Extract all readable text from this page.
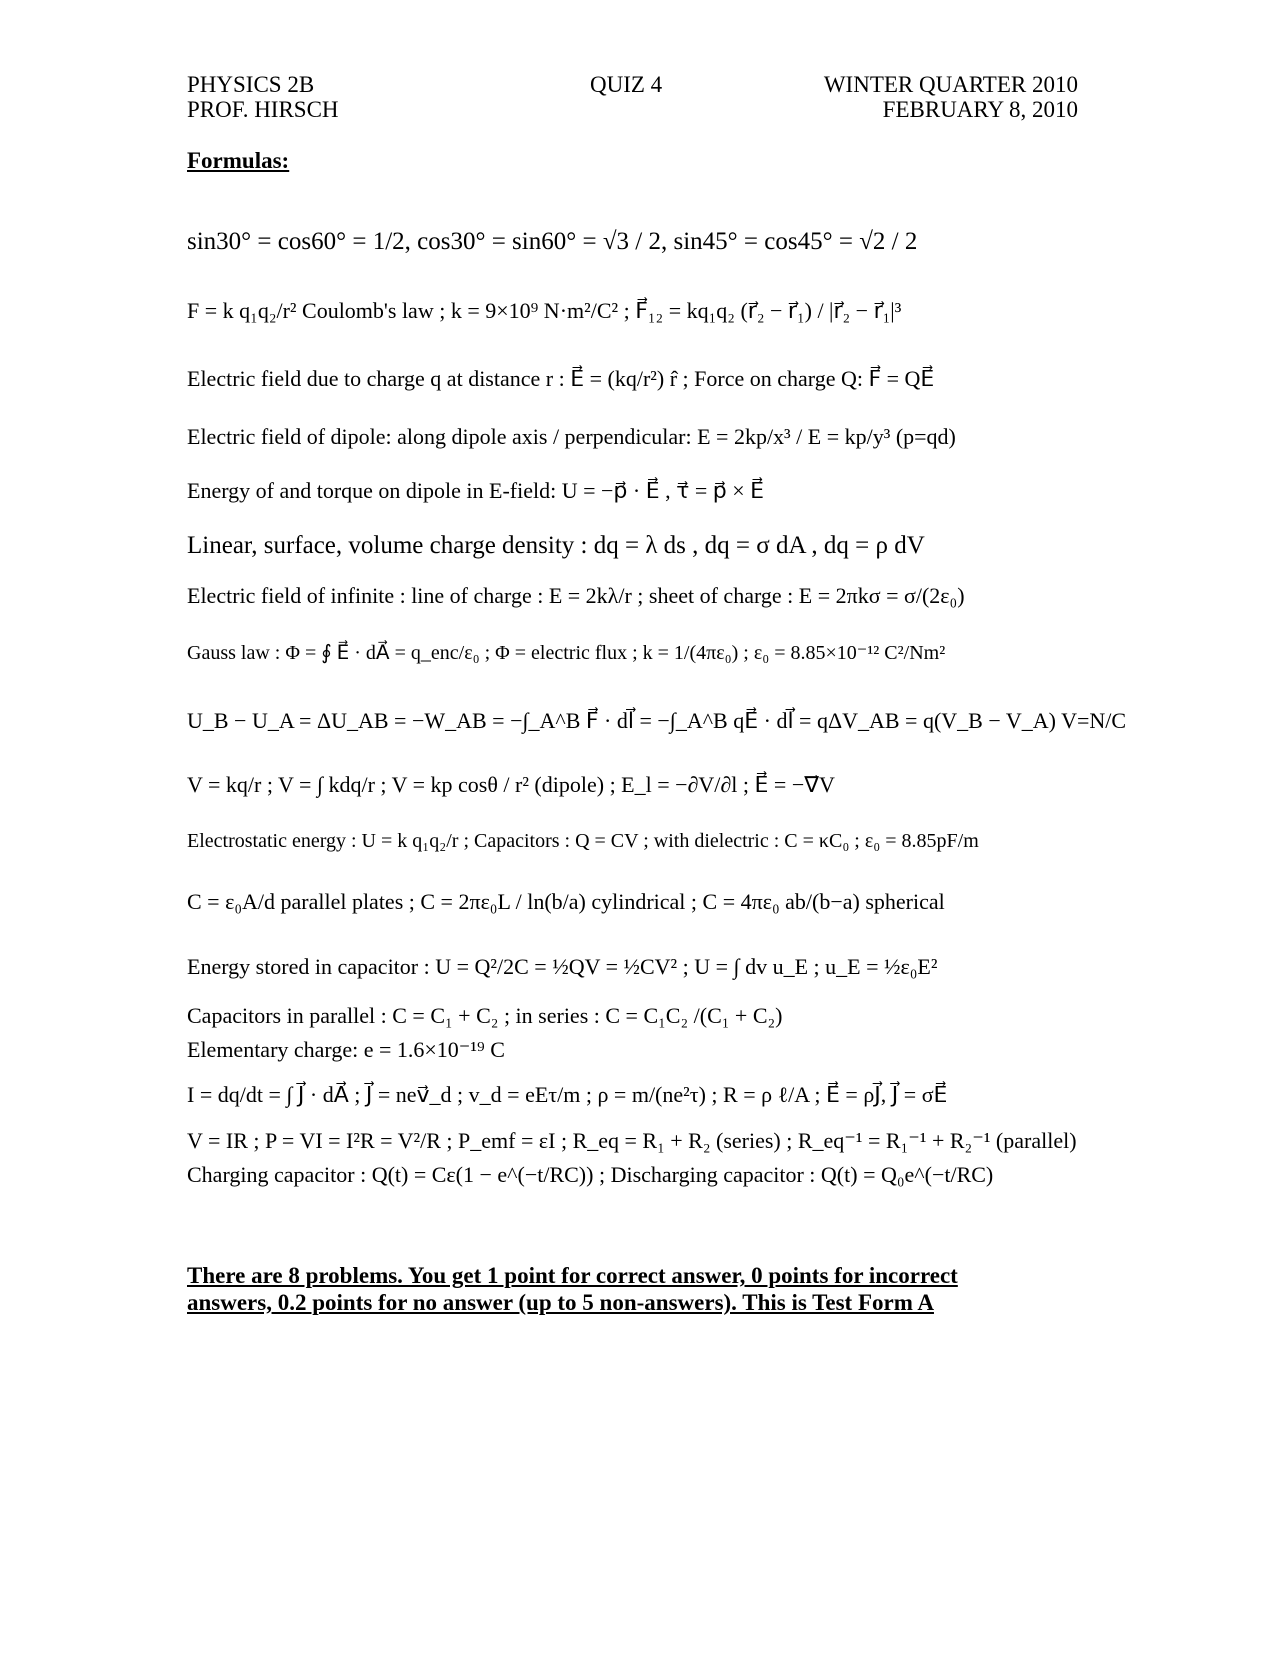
PHYSICS 2B
PROF. HIRSCH
QUIZ 4	WINTER QUARTER 2010
FEBRUARY 8, 2010
Formulas:
sin30° = cos60° = 1/2, cos30° = sin60° = √3 / 2, sin45° = cos45° = √2 / 2
F = k q₁q₂/r² Coulomb's law ; k = 9×10⁹ N·m²/C² ; F⃗₁₂ = kq₁q₂ (r⃗₂ − r⃗₁) / |r⃗₂ − r⃗₁|³
Electric field due to charge q at distance r : E⃗ = (kq/r²) r̂ ; Force on charge Q: F⃗ = QE⃗
Electric field of dipole: along dipole axis / perpendicular: E = 2kp/x³ / E = kp/y³ (p=qd)
Energy of and torque on dipole in E-field: U = −p⃗ · E⃗ , τ⃗ = p⃗ × E⃗
Linear, surface, volume charge density : dq = λ ds , dq = σ dA , dq = ρ dV
Electric field of infinite : line of charge : E = 2kλ/r ; sheet of charge : E = 2πkσ = σ/(2ε₀)
Gauss law : Φ = ∮ E⃗ · dA⃗ = q_enc/ε₀ ; Φ = electric flux ; k = 1/(4πε₀) ; ε₀ = 8.85×10⁻¹² C²/Nm²
U_B − U_A = ΔU_AB = −W_AB = −∫_A^B F⃗ · dl⃗ = −∫_A^B qE⃗ · dl⃗ = qΔV_AB = q(V_B − V_A) V=N/C
V = kq/r ; V = ∫ kdq/r ; V = kp cosθ / r² (dipole) ; E_l = −∂V/∂l ; E⃗ = −∇⃗V
Electrostatic energy : U = k q₁q₂/r ; Capacitors : Q = CV ; with dielectric : C = κC₀ ; ε₀ = 8.85pF/m
C = ε₀A/d parallel plates ; C = 2πε₀L / ln(b/a) cylindrical ; C = 4πε₀ ab/(b−a) spherical
Energy stored in capacitor : U = Q²/2C = ½QV = ½CV² ; U = ∫ dv u_E ; u_E = ½ε₀E²
Capacitors in parallel : C = C₁ + C₂ ; in series : C = C₁C₂ /(C₁ + C₂)
Elementary charge: e = 1.6×10⁻¹⁹ C
I = dq/dt = ∫ J⃗ · dA⃗ ; J⃗ = nev⃗_d ; v_d = eEτ/m ; ρ = m/(ne²τ) ; R = ρ ℓ/A ; E⃗ = ρJ⃗, J⃗ = σE⃗
V = IR ; P = VI = I²R = V²/R ; P_emf = εI ; R_eq = R₁ + R₂ (series) ; R_eq⁻¹ = R₁⁻¹ + R₂⁻¹ (parallel)
Charging capacitor : Q(t) = Cε(1 − e^(−t/RC)) ; Discharging capacitor : Q(t) = Q₀e^(−t/RC)
There are 8 problems. You get 1 point for correct answer, 0 points for incorrect
answers, 0.2 points for no answer (up to 5 non-answers). This is Test Form A
